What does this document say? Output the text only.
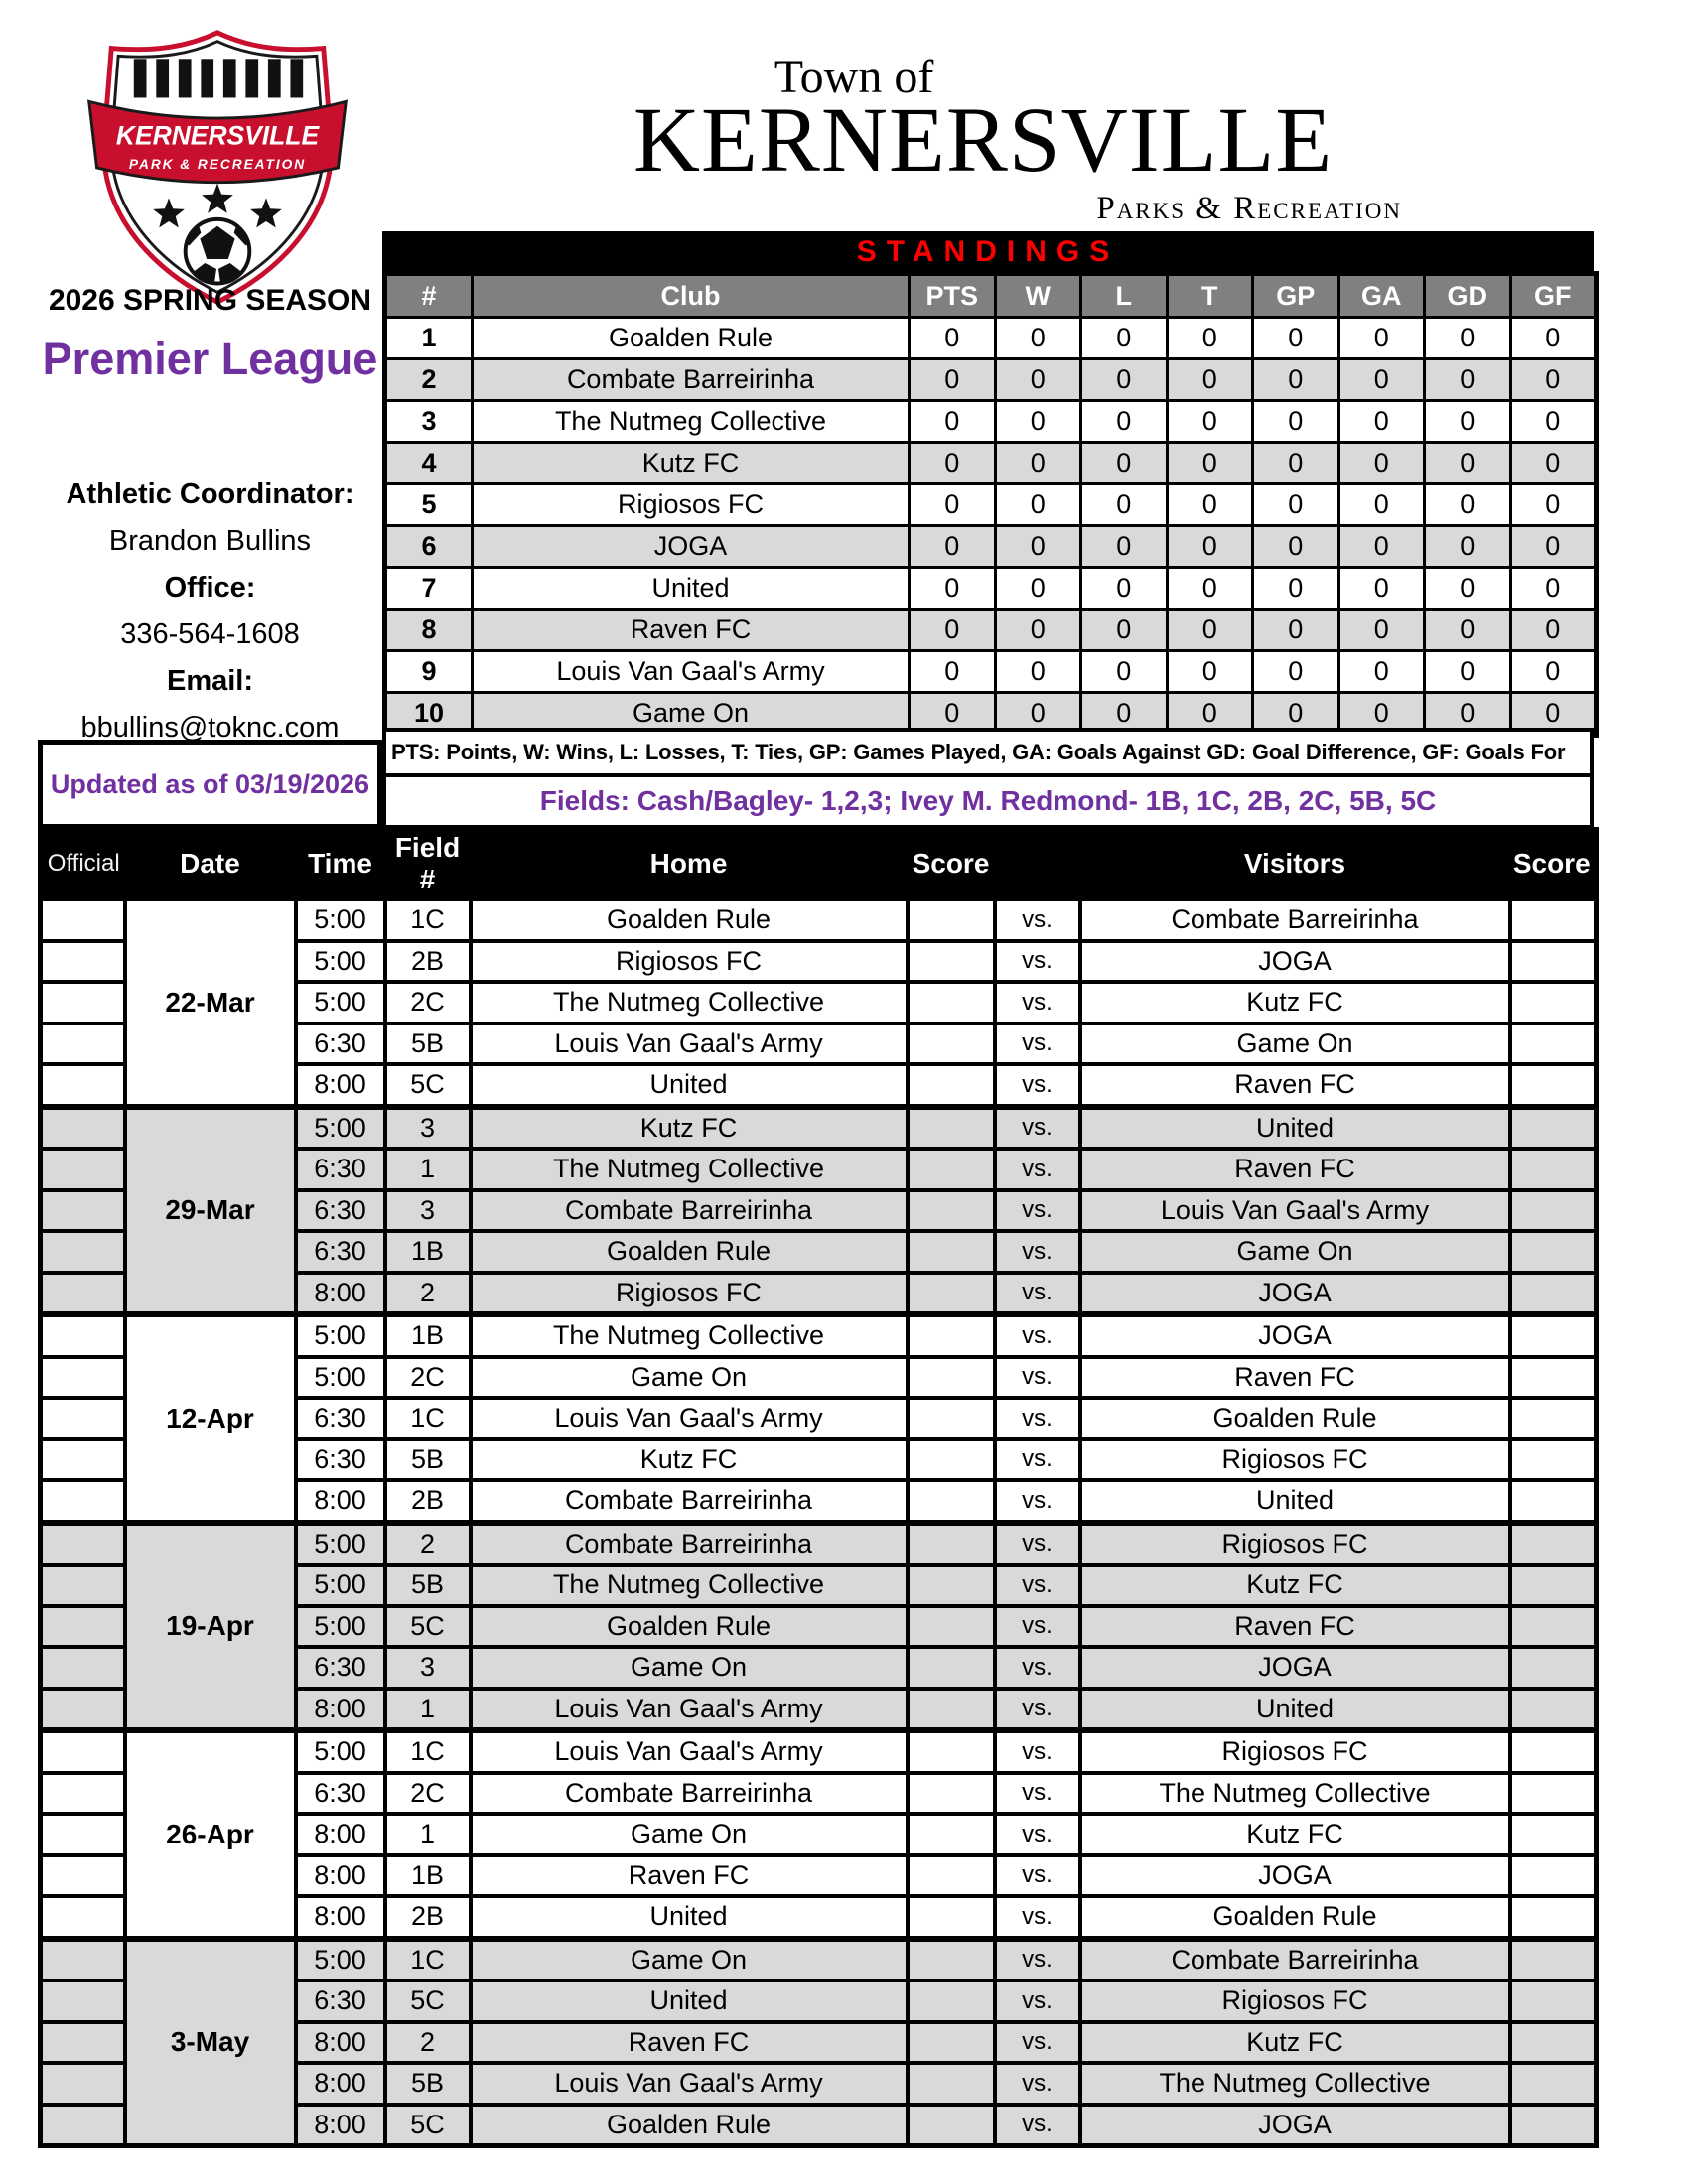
KERNERSVILLE
PARK & RECREATION
Town of
KERNERSVILLE
Parks & Recreation
2026 SPRING SEASON
Premier League
Athletic Coordinator:
Brandon Bullins
Office:
336-564-1608
Email:
bbullins@toknc.com
STANDINGS
#	Club	PTS	W	L	T	GP	GA	GD	GF
1	Goalden Rule	0	0	0	0	0	0	0	0
2	Combate Barreirinha	0	0	0	0	0	0	0	0
3	The Nutmeg Collective	0	0	0	0	0	0	0	0
4	Kutz FC	0	0	0	0	0	0	0	0
5	Rigiosos FC	0	0	0	0	0	0	0	0
6	JOGA	0	0	0	0	0	0	0	0
7	United	0	0	0	0	0	0	0	0
8	Raven FC	0	0	0	0	0	0	0	0
9	Louis Van Gaal's Army	0	0	0	0	0	0	0	0
10	Game On	0	0	0	0	0	0	0	0
Updated as of 03/19/2026
PTS: Points, W: Wins, L: Losses, T: Ties, GP: Games Played, GA: Goals Against GD: Goal Difference, GF: Goals For
Fields: Cash/Bagley- 1,2,3; Ivey M. Redmond- 1B, 1C, 2B, 2C, 5B, 5C
Official	Date	Time	Field #	Home	Score		Visitors	Score
	22-Mar	5:00	1C	Goalden Rule		vs.	Combate Barreirinha	
		5:00	2B	Rigiosos FC		vs.	JOGA	
		5:00	2C	The Nutmeg Collective		vs.	Kutz FC	
		6:30	5B	Louis Van Gaal's Army		vs.	Game On	
		8:00	5C	United		vs.	Raven FC	
	29-Mar	5:00	3	Kutz FC		vs.	United	
		6:30	1	The Nutmeg Collective		vs.	Raven FC	
		6:30	3	Combate Barreirinha		vs.	Louis Van Gaal's Army	
		6:30	1B	Goalden Rule		vs.	Game On	
		8:00	2	Rigiosos FC		vs.	JOGA	
	12-Apr	5:00	1B	The Nutmeg Collective		vs.	JOGA	
		5:00	2C	Game On		vs.	Raven FC	
		6:30	1C	Louis Van Gaal's Army		vs.	Goalden Rule	
		6:30	5B	Kutz FC		vs.	Rigiosos FC	
		8:00	2B	Combate Barreirinha		vs.	United	
	19-Apr	5:00	2	Combate Barreirinha		vs.	Rigiosos FC	
		5:00	5B	The Nutmeg Collective		vs.	Kutz FC	
		5:00	5C	Goalden Rule		vs.	Raven FC	
		6:30	3	Game On		vs.	JOGA	
		8:00	1	Louis Van Gaal's Army		vs.	United	
	26-Apr	5:00	1C	Louis Van Gaal's Army		vs.	Rigiosos FC	
		6:30	2C	Combate Barreirinha		vs.	The Nutmeg Collective	
		8:00	1	Game On		vs.	Kutz FC	
		8:00	1B	Raven FC		vs.	JOGA	
		8:00	2B	United		vs.	Goalden Rule	
	3-May	5:00	1C	Game On		vs.	Combate Barreirinha	
		6:30	5C	United		vs.	Rigiosos FC	
		8:00	2	Raven FC		vs.	Kutz FC	
		8:00	5B	Louis Van Gaal's Army		vs.	The Nutmeg Collective	
		8:00	5C	Goalden Rule		vs.	JOGA	
